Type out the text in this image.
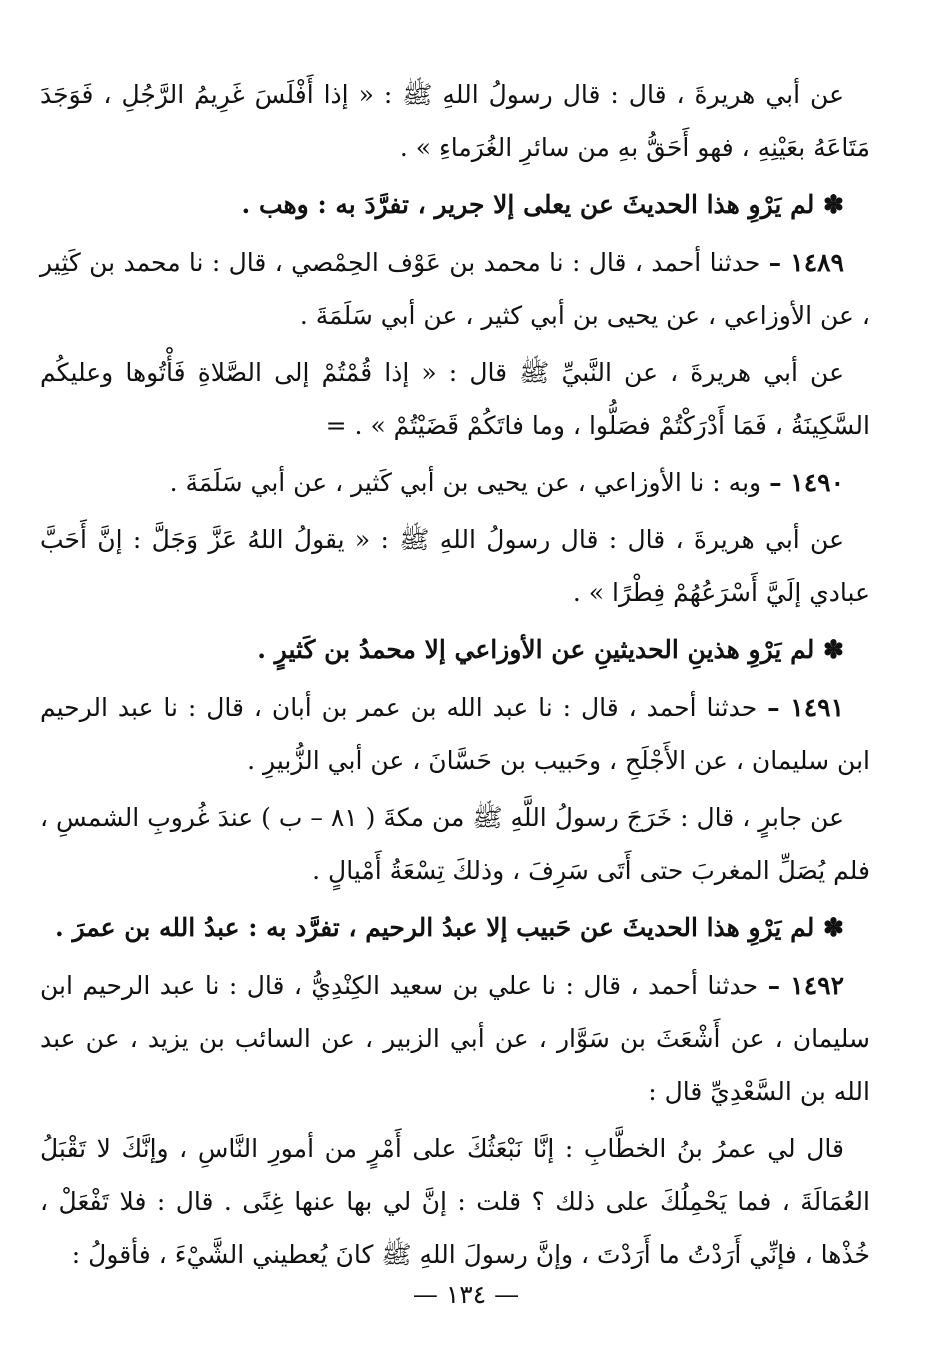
عن أبي هريرةَ ، قال : قال رسولُ اللهِ ﷺ : « إذا أَفْلَسَ غَرِيمُ الرَّجُلِ ، فَوَجَدَ مَتَاعَهُ بعَيْنِهِ ، فهو أَحَقُّ بهِ من سائرِ الغُرَماءِ » .

✽ لم يَرْوِ هذا الحديثَ عن يعلى إلا جرير ، تفرَّدَ به : وهب .

١٤٨٩ – حدثنا أحمد ، قال : نا محمد بن عَوْف الحِمْصي ، قال : نا محمد بن كَثِير ، عن الأوزاعي ، عن يحيى بن أبي كثير ، عن أبي سَلَمَةَ .

عن أبي هريرةَ ، عن النَّبيِّ ﷺ قال : « إذا قُمْتُمْ إلى الصَّلاةِ فَأْتُوها وعليكُم السَّكِينَةُ ، فَمَا أَدْرَكْتُمْ فصَلُّوا ، وما فاتَكُمْ قَضَيْتُمْ » . =

١٤٩٠ – وبه : نا الأوزاعي ، عن يحيى بن أبي كَثير ، عن أبي سَلَمَةَ .

عن أبي هريرةَ ، قال : قال رسولُ اللهِ ﷺ : « يقولُ اللهُ عَزَّ وَجَلَّ : إنَّ أَحَبَّ عبادي إلَيَّ أَسْرَعُهُمْ فِطْرًا » .

✽ لم يَرْوِ هذينِ الحديثينِ عن الأوزاعي إلا محمدُ بن كَثيرٍ .

١٤٩١ – حدثنا أحمد ، قال : نا عبد الله بن عمر بن أبان ، قال : نا عبد الرحيم ابن سليمان ، عن الأَجْلَحِ ، وحَبيب بن حَسَّانَ ، عن أبي الزُّبيرِ .

عن جابرٍ ، قال : خَرَجَ رسولُ اللَّهِ ﷺ من مكةَ ( ٨١ – ب ) عندَ غُروبِ الشمسِ ، فلم يُصَلِّ المغربَ حتى أَتَى سَرِفَ ، وذلكَ تِسْعَةُ أَمْيالٍ .

✽ لم يَرْوِ هذا الحديثَ عن حَبيب إلا عبدُ الرحيم ، تفرَّد به : عبدُ الله بن عمرَ .

١٤٩٢ – حدثنا أحمد ، قال : نا علي بن سعيد الكِنْدِيُّ ، قال : نا عبد الرحيم ابن سليمان ، عن أَشْعَثَ بن سَوَّار ، عن أبي الزبير ، عن السائب بن يزيد ، عن عبد الله بن السَّعْدِيِّ قال :

قال لي عمرُ بنُ الخطَّابِ : إنَّا نَبْعَثُكَ على أَمْرٍ من أمورِ النَّاسِ ، وإنَّكَ لا تَقْبَلُ العُمَالَةَ ، فما يَحْمِلُكَ على ذلك ؟ قلت : إنَّ لي بها عنها غِنًى . قال : فلا تَفْعَلْ ، خُذْها ، فإنِّي أَرَدْتُ ما أَرَدْتَ ، وإنَّ رسولَ اللهِ ﷺ كانَ يُعطيني الشَّيْءَ ، فأقولُ :

— ١٣٤ —
